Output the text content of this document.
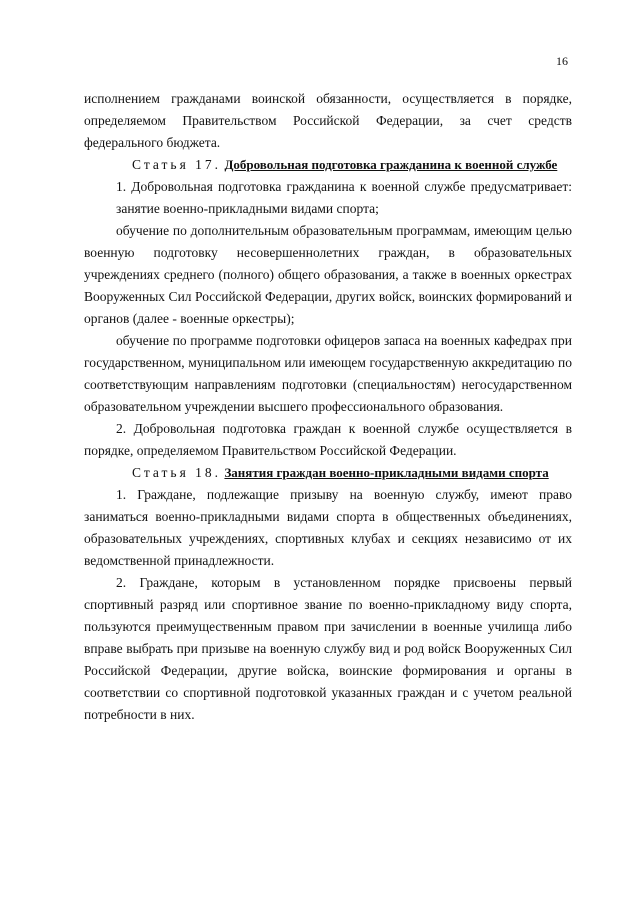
16

исполнением гражданами воинской обязанности, осуществляется в порядке, определяемом Правительством Российской Федерации, за счет средств федерального бюджета.

Статья 17. Добровольная подготовка гражданина к военной службе

1. Добровольная подготовка гражданина к военной службе предусматривает:

занятие военно-прикладными видами спорта;

обучение по дополнительным образовательным программам, имеющим целью военную подготовку несовершеннолетних граждан, в образовательных учреждениях среднего (полного) общего образования, а также в военных оркестрах Вооруженных Сил Российской Федерации, других войск, воинских формирований и органов (далее - военные оркестры);

обучение по программе подготовки офицеров запаса на военных кафедрах при государственном, муниципальном или имеющем государственную аккредитацию по соответствующим направлениям подготовки (специальностям) негосударственном образовательном учреждении высшего профессионального образования.

2. Добровольная подготовка граждан к военной службе осуществляется в порядке, определяемом Правительством Российской Федерации.

Статья 18. Занятия граждан военно-прикладными видами спорта

1. Граждане, подлежащие призыву на военную службу, имеют право заниматься военно-прикладными видами спорта в общественных объединениях, образовательных учреждениях, спортивных клубах и секциях независимо от их ведомственной принадлежности.

2. Граждане, которым в установленном порядке присвоены первый спортивный разряд или спортивное звание по военно-прикладному виду спорта, пользуются преимущественным правом при зачислении в военные училища либо вправе выбрать при призыве на военную службу вид и род войск Вооруженных Сил Российской Федерации, другие войска, воинские формирования и органы в соответствии со спортивной подготовкой указанных граждан и с учетом реальной потребности в них.
